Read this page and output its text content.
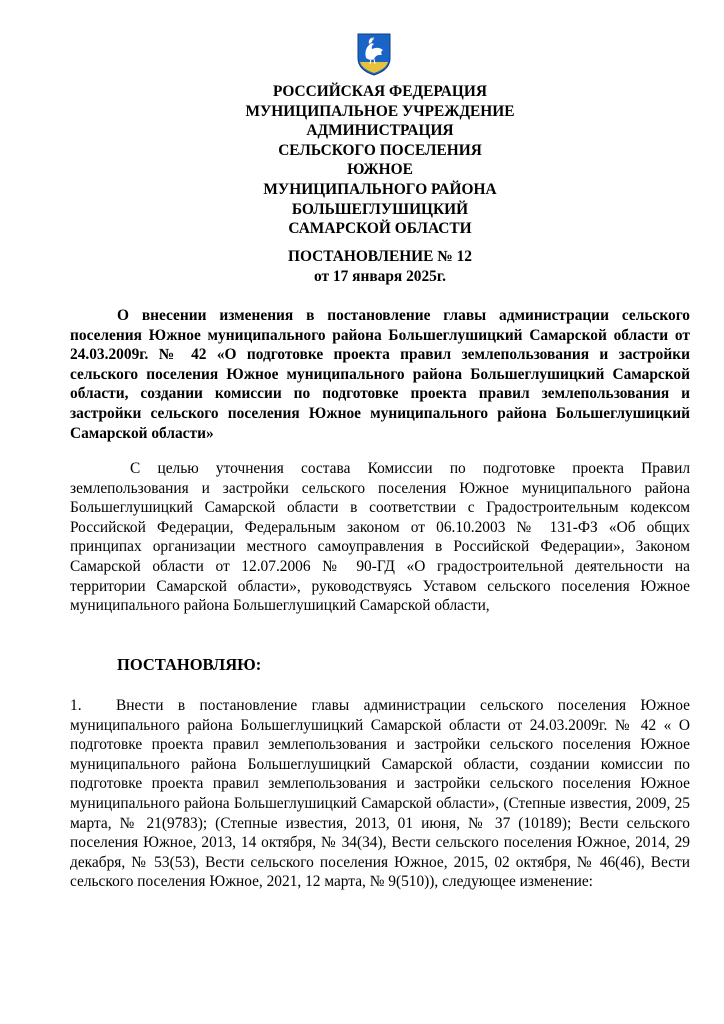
РОССИЙСКАЯ ФЕДЕРАЦИЯ
МУНИЦИПАЛЬНОЕ УЧРЕЖДЕНИЕ
АДМИНИСТРАЦИЯ
СЕЛЬСКОГО ПОСЕЛЕНИЯ
ЮЖНОЕ
МУНИЦИПАЛЬНОГО РАЙОНА
БОЛЬШЕГЛУШИЦКИЙ
САМАРСКОЙ ОБЛАСТИ
ПОСТАНОВЛЕНИЕ № 12
от 17 января 2025г.
О внесении изменения в постановление главы администрации сельского поселения Южное муниципального района Большеглушицкий Самарской области от 24.03.2009г. № 42 «О подготовке проекта правил землепользования и застройки сельского поселения Южное муниципального района Большеглушицкий Самарской области, создании комиссии по подготовке проекта правил землепользования и застройки сельского поселения Южное муниципального района Большеглушицкий Самарской области»
С целью уточнения состава Комиссии по подготовке проекта Правил землепользования и застройки сельского поселения Южное муниципального района Большеглушицкий Самарской области в соответствии с Градостроительным кодексом Российской Федерации, Федеральным законом от 06.10.2003 № 131-ФЗ «Об общих принципах организации местного самоуправления в Российской Федерации», Законом Самарской области от 12.07.2006 № 90-ГД «О градостроительной деятельности на территории Самарской области», руководствуясь Уставом сельского поселения Южное муниципального района Большеглушицкий Самарской области,
ПОСТАНОВЛЯЮ:
1. Внести в постановление главы администрации сельского поселения Южное муниципального района Большеглушицкий Самарской области от 24.03.2009г. № 42 « О подготовке проекта правил землепользования и застройки сельского поселения Южное муниципального района Большеглушицкий Самарской области, создании комиссии по подготовке проекта правил землепользования и застройки сельского поселения Южное муниципального района Большеглушицкий Самарской области», (Степные известия, 2009, 25 марта, № 21(9783); (Степные известия, 2013, 01 июня, № 37 (10189); Вести сельского поселения Южное, 2013, 14 октября, № 34(34), Вести сельского поселения Южное, 2014, 29 декабря, № 53(53), Вести сельского поселения Южное, 2015, 02 октября, № 46(46), Вести сельского поселения Южное, 2021, 12 марта, № 9(510)), следующее изменение:
